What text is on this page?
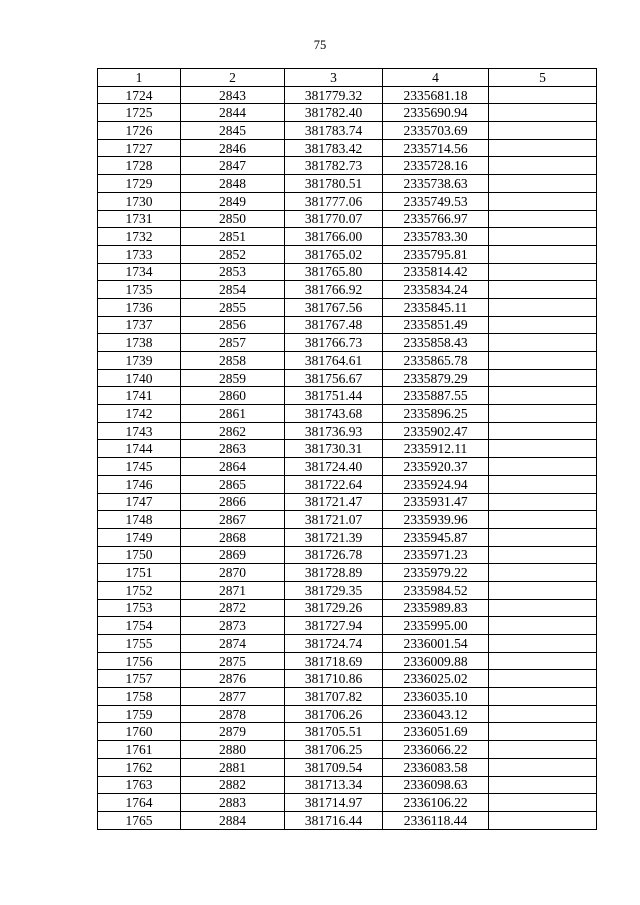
75
1	2	3	4	5
1724	2843	381779.32	2335681.18	
1725	2844	381782.40	2335690.94	
1726	2845	381783.74	2335703.69	
1727	2846	381783.42	2335714.56	
1728	2847	381782.73	2335728.16	
1729	2848	381780.51	2335738.63	
1730	2849	381777.06	2335749.53	
1731	2850	381770.07	2335766.97	
1732	2851	381766.00	2335783.30	
1733	2852	381765.02	2335795.81	
1734	2853	381765.80	2335814.42	
1735	2854	381766.92	2335834.24	
1736	2855	381767.56	2335845.11	
1737	2856	381767.48	2335851.49	
1738	2857	381766.73	2335858.43	
1739	2858	381764.61	2335865.78	
1740	2859	381756.67	2335879.29	
1741	2860	381751.44	2335887.55	
1742	2861	381743.68	2335896.25	
1743	2862	381736.93	2335902.47	
1744	2863	381730.31	2335912.11	
1745	2864	381724.40	2335920.37	
1746	2865	381722.64	2335924.94	
1747	2866	381721.47	2335931.47	
1748	2867	381721.07	2335939.96	
1749	2868	381721.39	2335945.87	
1750	2869	381726.78	2335971.23	
1751	2870	381728.89	2335979.22	
1752	2871	381729.35	2335984.52	
1753	2872	381729.26	2335989.83	
1754	2873	381727.94	2335995.00	
1755	2874	381724.74	2336001.54	
1756	2875	381718.69	2336009.88	
1757	2876	381710.86	2336025.02	
1758	2877	381707.82	2336035.10	
1759	2878	381706.26	2336043.12	
1760	2879	381705.51	2336051.69	
1761	2880	381706.25	2336066.22	
1762	2881	381709.54	2336083.58	
1763	2882	381713.34	2336098.63	
1764	2883	381714.97	2336106.22	
1765	2884	381716.44	2336118.44	
